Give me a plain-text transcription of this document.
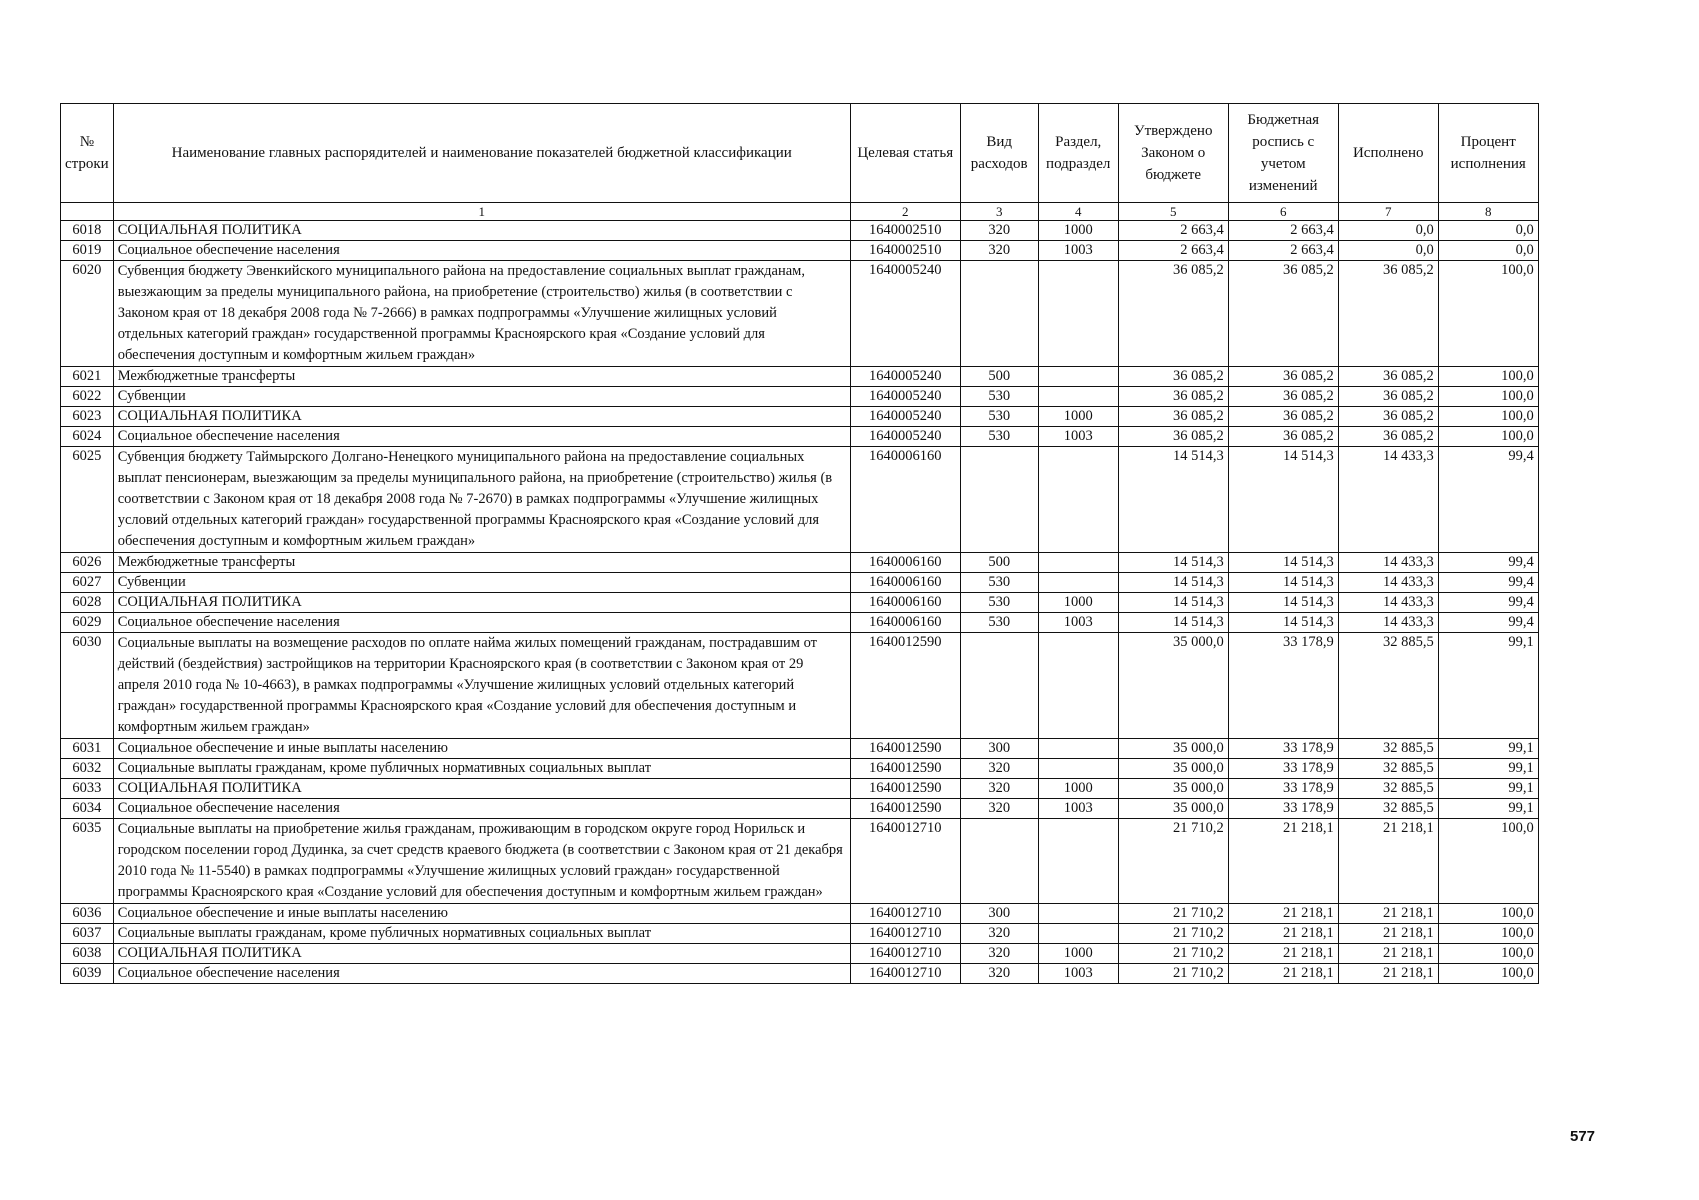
№ строки	Наименование главных распорядителей и наименование показателей бюджетной классификации	Целевая статья	Вид расходов	Раздел, подраздел	Утверждено Законом о бюджете	Бюджетная роспись с учетом изменений	Исполнено	Процент исполнения
	1	2	3	4	5	6	7	8
6018	СОЦИАЛЬНАЯ ПОЛИТИКА	1640002510	320	1000	2 663,4	2 663,4	0,0	0,0
6019	Социальное обеспечение населения	1640002510	320	1003	2 663,4	2 663,4	0,0	0,0
6020	Субвенция бюджету Эвенкийского муниципального района на предоставление социальных выплат гражданам, выезжающим за пределы муниципального района, на приобретение (строительство) жилья (в соответствии с Законом края от 18 декабря 2008 года № 7-2666) в рамках подпрограммы «Улучшение жилищных условий отдельных категорий граждан» государственной программы Красноярского края «Создание условий для обеспечения доступным и комфортным жильем граждан»	1640005240			36 085,2	36 085,2	36 085,2	100,0
6021	Межбюджетные трансферты	1640005240	500		36 085,2	36 085,2	36 085,2	100,0
6022	Субвенции	1640005240	530		36 085,2	36 085,2	36 085,2	100,0
6023	СОЦИАЛЬНАЯ ПОЛИТИКА	1640005240	530	1000	36 085,2	36 085,2	36 085,2	100,0
6024	Социальное обеспечение населения	1640005240	530	1003	36 085,2	36 085,2	36 085,2	100,0
6025	Субвенция бюджету Таймырского Долгано-Ненецкого муниципального района на предоставление социальных выплат пенсионерам, выезжающим за пределы муниципального района, на приобретение (строительство) жилья (в соответствии с Законом края от 18 декабря 2008 года № 7-2670) в рамках подпрограммы «Улучшение жилищных условий отдельных категорий граждан» государственной программы Красноярского края «Создание условий для обеспечения доступным и комфортным жильем граждан»	1640006160			14 514,3	14 514,3	14 433,3	99,4
6026	Межбюджетные трансферты	1640006160	500		14 514,3	14 514,3	14 433,3	99,4
6027	Субвенции	1640006160	530		14 514,3	14 514,3	14 433,3	99,4
6028	СОЦИАЛЬНАЯ ПОЛИТИКА	1640006160	530	1000	14 514,3	14 514,3	14 433,3	99,4
6029	Социальное обеспечение населения	1640006160	530	1003	14 514,3	14 514,3	14 433,3	99,4
6030	Социальные выплаты на возмещение расходов по оплате найма жилых помещений гражданам, пострадавшим от действий (бездействия) застройщиков на территории Красноярского края (в соответствии с Законом края от 29 апреля 2010 года № 10-4663), в рамках подпрограммы «Улучшение жилищных условий отдельных категорий граждан» государственной программы Красноярского края «Создание условий для обеспечения доступным и комфортным жильем граждан»	1640012590			35 000,0	33 178,9	32 885,5	99,1
6031	Социальное обеспечение и иные выплаты населению	1640012590	300		35 000,0	33 178,9	32 885,5	99,1
6032	Социальные выплаты гражданам, кроме публичных нормативных социальных выплат	1640012590	320		35 000,0	33 178,9	32 885,5	99,1
6033	СОЦИАЛЬНАЯ ПОЛИТИКА	1640012590	320	1000	35 000,0	33 178,9	32 885,5	99,1
6034	Социальное обеспечение населения	1640012590	320	1003	35 000,0	33 178,9	32 885,5	99,1
6035	Социальные выплаты на приобретение жилья гражданам, проживающим в городском округе город Норильск и городском поселении город Дудинка, за счет средств краевого бюджета (в соответствии с Законом края от 21 декабря 2010 года № 11-5540) в рамках подпрограммы «Улучшение жилищных условий граждан» государственной программы Красноярского края «Создание условий для обеспечения доступным и комфортным жильем граждан»	1640012710			21 710,2	21 218,1	21 218,1	100,0
6036	Социальное обеспечение и иные выплаты населению	1640012710	300		21 710,2	21 218,1	21 218,1	100,0
6037	Социальные выплаты гражданам, кроме публичных нормативных социальных выплат	1640012710	320		21 710,2	21 218,1	21 218,1	100,0
6038	СОЦИАЛЬНАЯ ПОЛИТИКА	1640012710	320	1000	21 710,2	21 218,1	21 218,1	100,0
6039	Социальное обеспечение населения	1640012710	320	1003	21 710,2	21 218,1	21 218,1	100,0
577
